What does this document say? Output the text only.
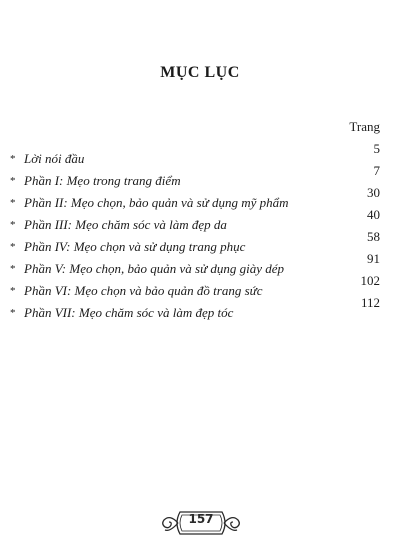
MỤC LỤC
Trang
* Lời nói đầu
5
* Phần I: Mẹo trong trang điểm
7
* Phần II: Mẹo chọn, bảo quản và sử dụng mỹ phẩm
30
* Phần III: Mẹo chăm sóc và làm đẹp da
40
* Phần IV: Mẹo chọn và sử dụng trang phục
58
* Phần V: Mẹo chọn, bảo quản và sử dụng giày dép
91
* Phần VI: Mẹo chọn và bảo quản đồ trang sức
102
* Phần VII: Mẹo chăm sóc và làm đẹp tóc
112
157
